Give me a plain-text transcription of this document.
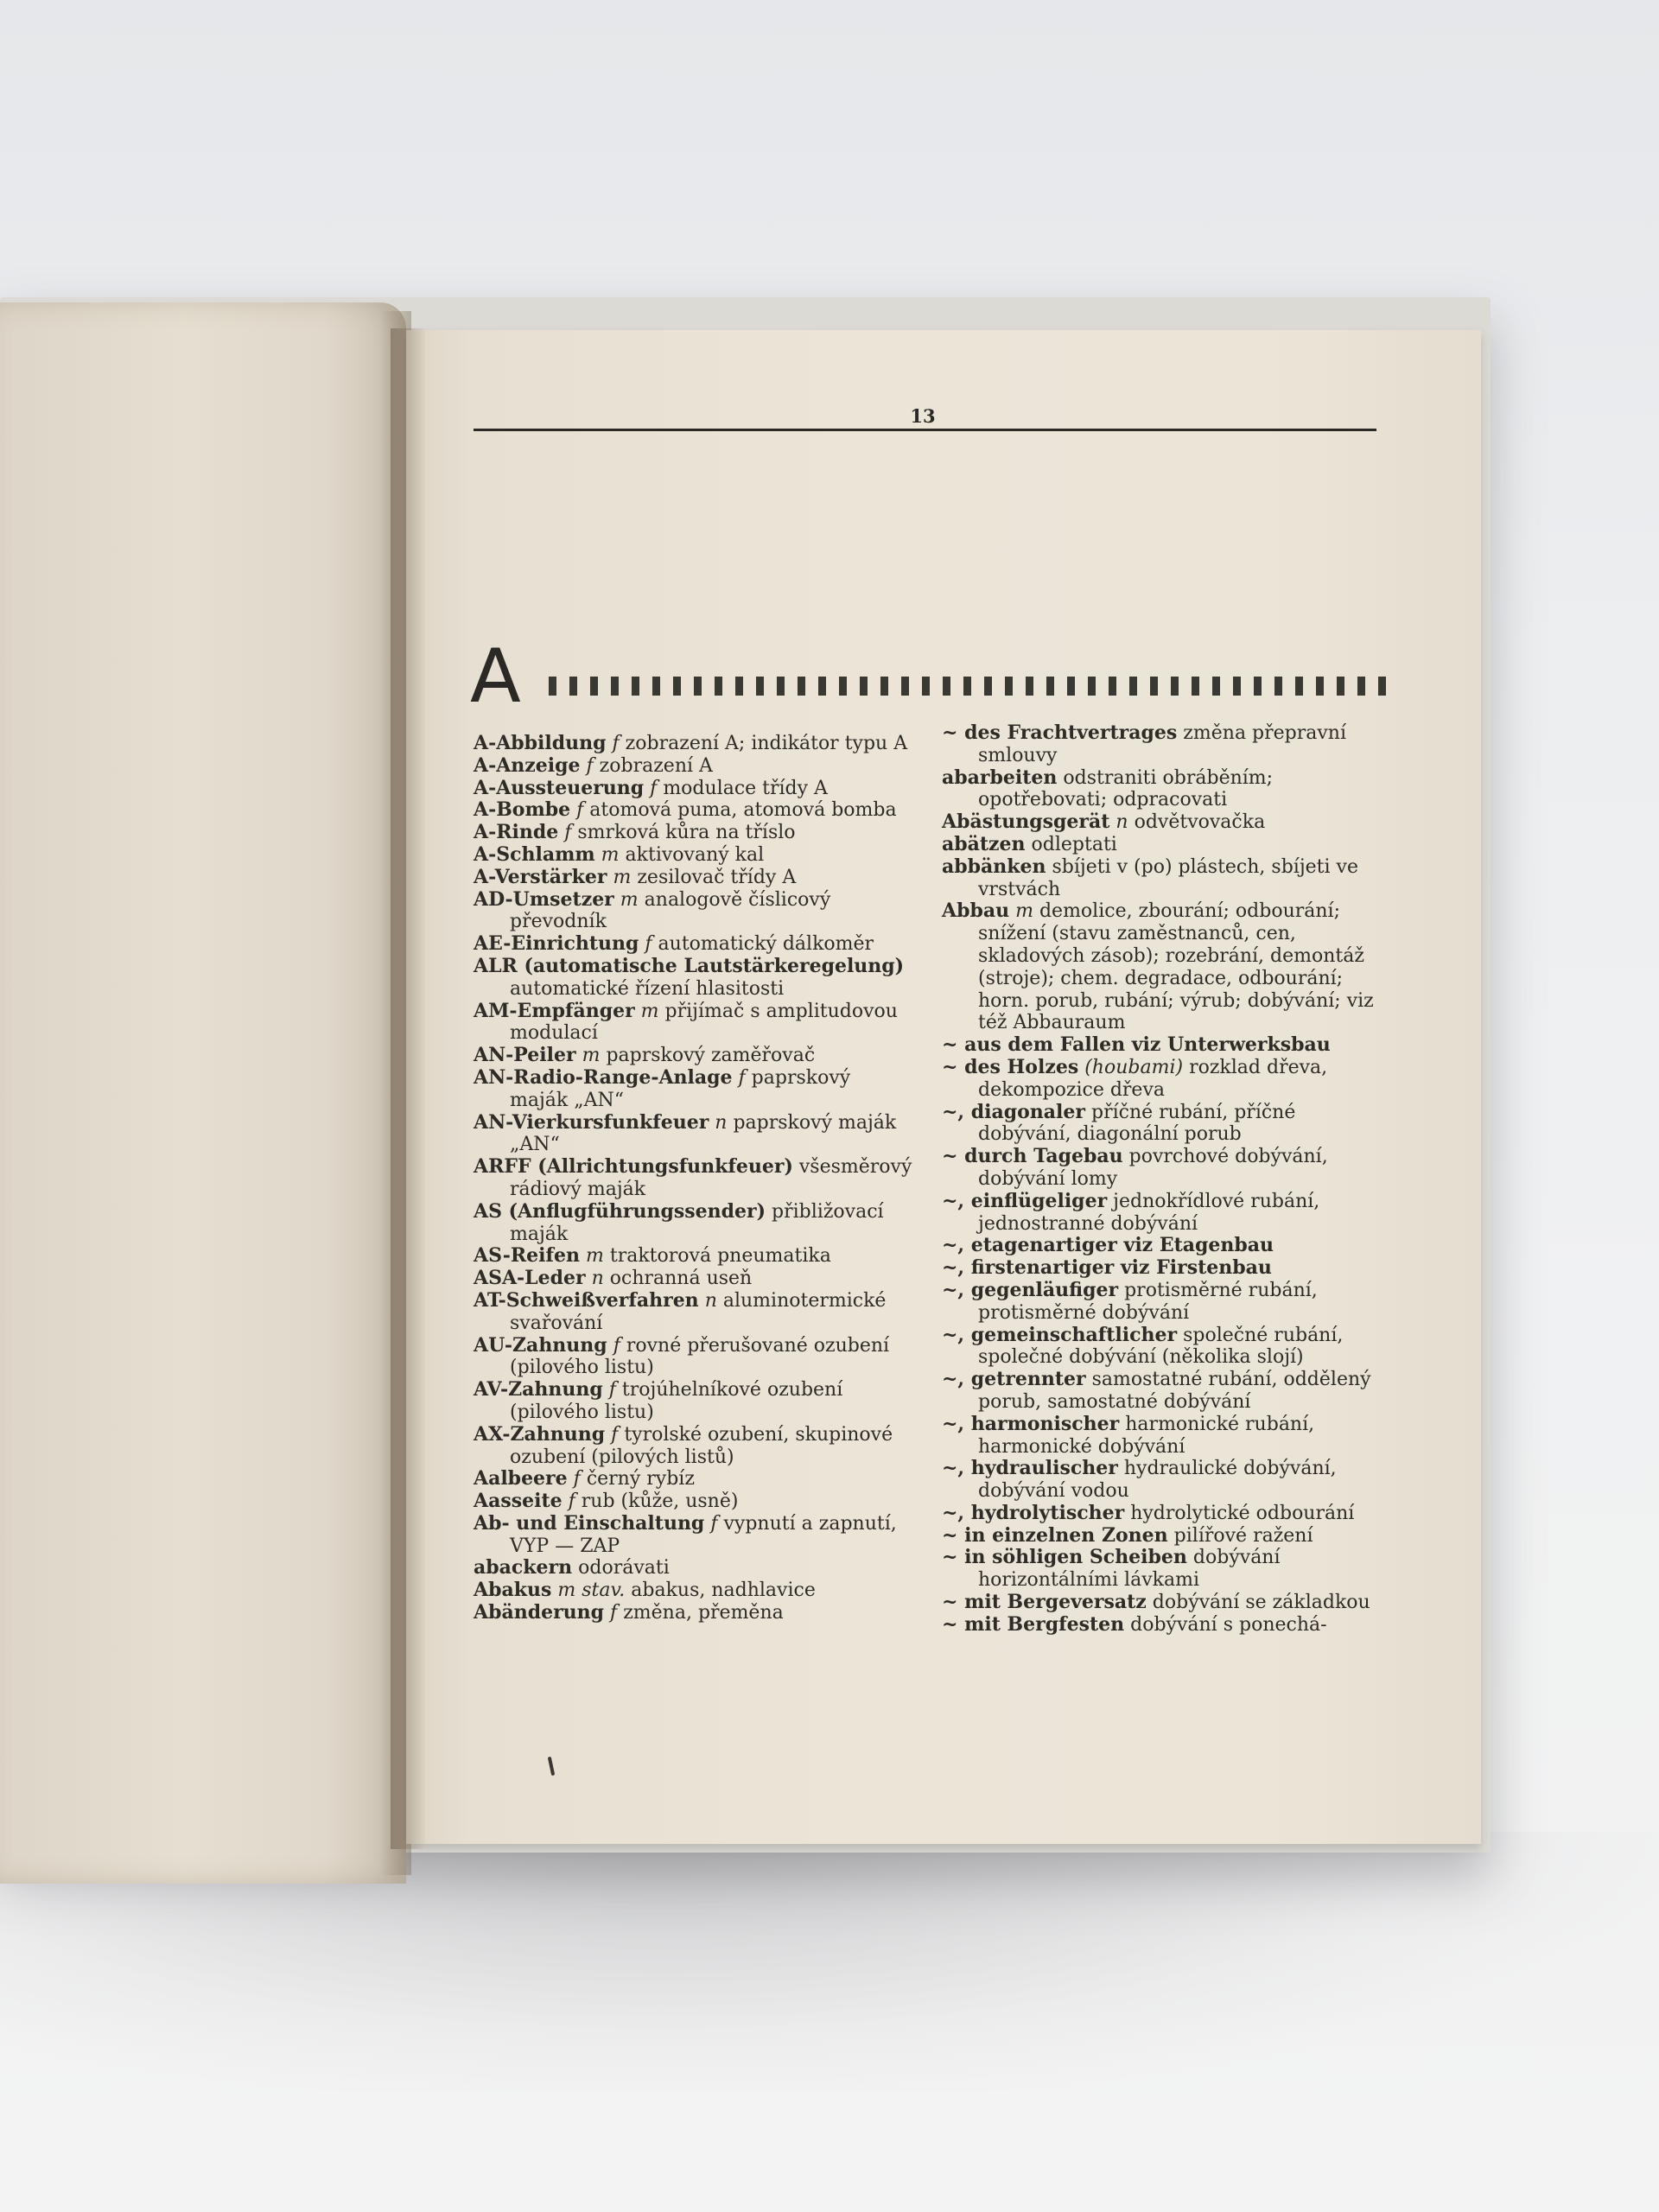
13
A

A-Abbildung f zobrazení A; indikátor typu A

A-Anzeige f zobrazení A

A-Aussteuerung f modulace třídy A

A-Bombe f atomová puma, atomová bomba

A-Rinde f smrková kůra na tříslo

A-Schlamm m aktivovaný kal

A-Verstärker m zesilovač třídy A

AD-Umsetzer m analogově číslicový převodník

AE-Einrichtung f automatický dálkoměr

ALR (automatische Lautstärkeregelung) automatické řízení hlasitosti

AM-Empfänger m přijímač s amplitudovou modulací

AN-Peiler m paprskový zaměřovač

AN-Radio-Range-Anlage f paprskový maják „AN“

AN-Vierkursfunkfeuer n paprskový maják „AN“

ARFF (Allrichtungsfunkfeuer) všesměrový rádiový maják

AS (Anflugführungssender) přibližovací maják

AS-Reifen m traktorová pneumatika

ASA-Leder n ochranná useň

AT-Schweißverfahren n aluminotermické svařování

AU-Zahnung f rovné přerušované ozubení (pilového listu)

AV-Zahnung f trojúhelníkové ozubení (pilového listu)

AX-Zahnung f tyrolské ozubení, skupinové ozubení (pilových listů)

Aalbeere f černý rybíz

Aasseite f rub (kůže, usně)

Ab- und Einschaltung f vypnutí a zapnutí, VYP — ZAP

abackern odorávati

Abakus m stav. abakus, nadhlavice

Abänderung f změna, přeměna

~ des Frachtvertrages změna přepravní smlouvy

abarbeiten odstraniti obráběním; opotřebovati; odpracovati

Abästungsgerät n odvětvovačka

abätzen odleptati

abbänken sbíjeti v (po) plástech, sbíjeti ve vrstvách

Abbau m demolice, zbourání; odbourání; snížení (stavu zaměstnanců, cen, skladových zásob); rozebrání, demontáž (stroje); chem. degradace, odbourání; horn. porub, rubání; výrub; dobývání; viz též Abbauraum

~ aus dem Fallen viz Unterwerksbau

~ des Holzes (houbami) rozklad dřeva, dekompozice dřeva

~, diagonaler příčné rubání, příčné dobývání, diagonální porub

~ durch Tagebau povrchové dobývání, dobývání lomy

~, einflügeliger jednokřídlové rubání, jednostranné dobývání

~, etagenartiger viz Etagenbau

~, firstenartiger viz Firstenbau

~, gegenläufiger protisměrné rubání, protisměrné dobývání

~, gemeinschaftlicher společné rubání, společné dobývání (několika slojí)

~, getrennter samostatné rubání, oddělený porub, samostatné dobývání

~, harmonischer harmonické rubání, harmonické dobývání

~, hydraulischer hydraulické dobývání, dobývání vodou

~, hydrolytischer hydrolytické odbourání

~ in einzelnen Zonen pilířové ražení

~ in söhligen Scheiben dobývání horizontálními lávkami

~ mit Bergeversatz dobývání se základkou

~ mit Bergfesten dobývání s ponechá-
